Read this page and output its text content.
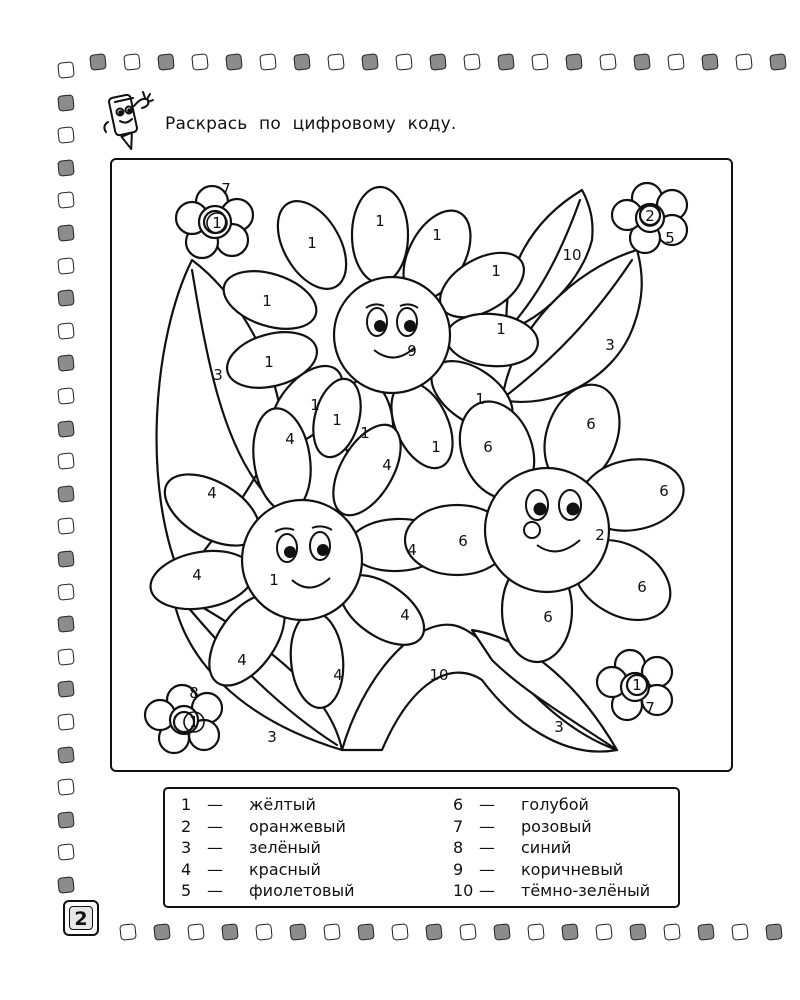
Раскрась по цифровому коду.
7
1	2
5
1
1
1
1
1
1
1
1
1
1
1
1
9
10
3
3
4
4
4
4
4
4
4
4
1
6
6
6
6
6
6
2
10
3
3
8
1
1
7
1 — жёлтый
2 — оранжевый
3 — зелёный
4 — красный
5 — фиолетовый
6 — голубой
7 — розовый
8 — синий
9 — коричневый
10 — тёмно-зелёный
2
